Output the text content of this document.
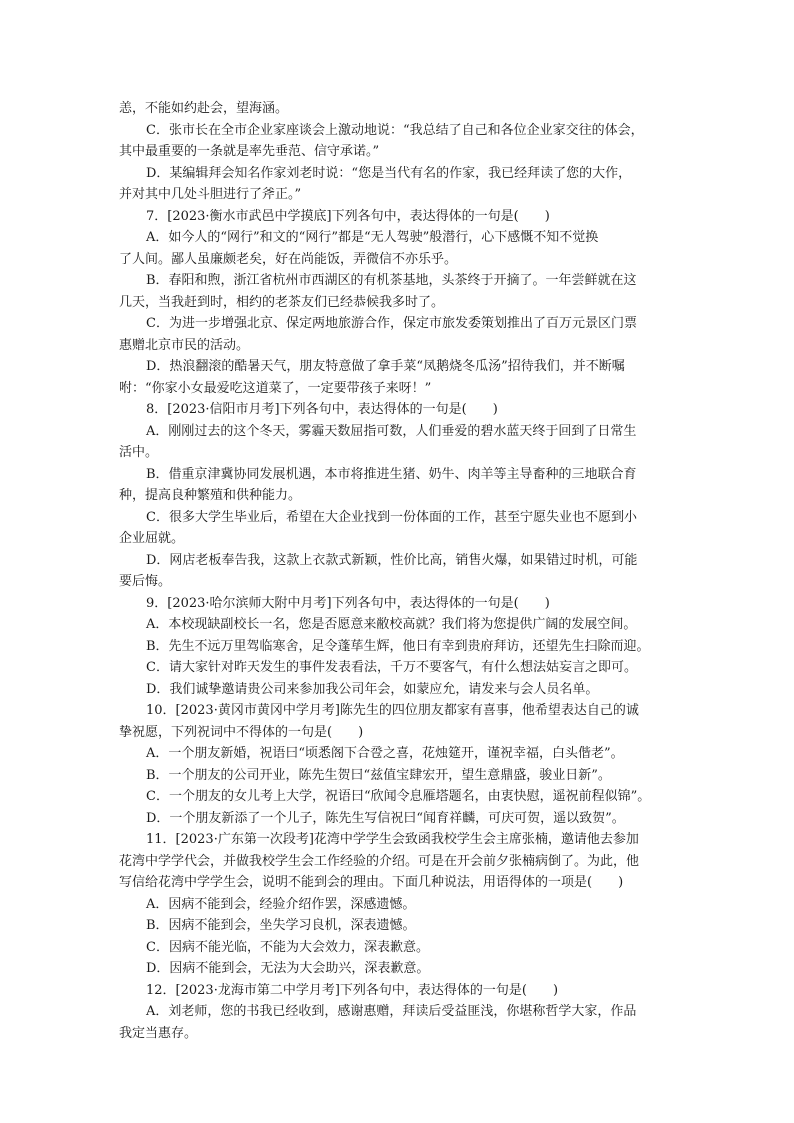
恙，不能如约赴会，望海涵。
C．张市长在全市企业家座谈会上激动地说：“我总结了自己和各位企业家交往的体会，
其中最重要的一条就是率先垂范、信守承诺。”
D．某编辑拜会知名作家刘老时说：“您是当代有名的作家，我已经拜读了您的大作，
并对其中几处斗胆进行了斧正。”
7．[2023·衡水市武邑中学摸底]下列各句中，表达得体的一句是(　　)
A．如今人的“网行”和文的“网行”都是“无人驾驶”般潜行，心下感慨不知不觉换
了人间。鄙人虽廉颇老矣，好在尚能饭，弄微信不亦乐乎。
B．春阳和煦，浙江省杭州市西湖区的有机茶基地，头茶终于开摘了。一年尝鲜就在这
几天，当我赶到时，相约的老茶友们已经恭候我多时了。
C．为进一步增强北京、保定两地旅游合作，保定市旅发委策划推出了百万元景区门票
惠赠北京市民的活动。
D．热浪翻滚的酷暑天气，朋友特意做了拿手菜“凤鹅烧冬瓜汤”招待我们，并不断嘱
咐：“你家小女最爱吃这道菜了，一定要带孩子来呀！”
8．[2023·信阳市月考]下列各句中，表达得体的一句是(　　)
A．刚刚过去的这个冬天，雾霾天数屈指可数，人们垂爱的碧水蓝天终于回到了日常生
活中。
B．借重京津冀协同发展机遇，本市将推进生猪、奶牛、肉羊等主导畜种的三地联合育
种，提高良种繁殖和供种能力。
C．很多大学生毕业后，希望在大企业找到一份体面的工作，甚至宁愿失业也不愿到小
企业屈就。
D．网店老板奉告我，这款上衣款式新颖，性价比高，销售火爆，如果错过时机，可能
要后悔。
9．[2023·哈尔滨师大附中月考]下列各句中，表达得体的一句是(　　)
A．本校现缺副校长一名，您是否愿意来敝校高就？我们将为您提供广阔的发展空间。
B．先生不远万里驾临寒舍，足令蓬荜生辉，他日有幸到贵府拜访，还望先生扫除而迎。
C．请大家针对昨天发生的事件发表看法，千万不要客气，有什么想法姑妄言之即可。
D．我们诚挚邀请贵公司来参加我公司年会，如蒙应允，请发来与会人员名单。
10．[2023·黄冈市黄冈中学月考]陈先生的四位朋友都家有喜事，他希望表达自己的诚
挚祝愿，下列祝词中不得体的一句是(　　)
A．一个朋友新婚，祝语曰“顷悉阁下合卺之喜，花烛筵开，谨祝幸福，白头偕老”。
B．一个朋友的公司开业，陈先生贺曰“兹值宝肆宏开，望生意鼎盛，骏业日新”。
C．一个朋友的女儿考上大学，祝语曰“欣闻令息雁塔题名，由衷快慰，遥祝前程似锦”。
D．一个朋友新添了一个儿子，陈先生写信祝曰“闻育祥麟，可庆可贺，遥以致贺”。
11．[2023·广东第一次段考]花湾中学学生会致函我校学生会主席张楠，邀请他去参加
花湾中学学代会，并做我校学生会工作经验的介绍。可是在开会前夕张楠病倒了。为此，他
写信给花湾中学学生会，说明不能到会的理由。下面几种说法，用语得体的一项是(　　)
A．因病不能到会，经验介绍作罢，深感遗憾。
B．因病不能到会，坐失学习良机，深表遗憾。
C．因病不能光临，不能为大会效力，深表歉意。
D．因病不能到会，无法为大会助兴，深表歉意。
12．[2023·龙海市第二中学月考]下列各句中，表达得体的一句是(　　)
A．刘老师，您的书我已经收到，感谢惠赠，拜读后受益匪浅，你堪称哲学大家，作品
我定当惠存。
